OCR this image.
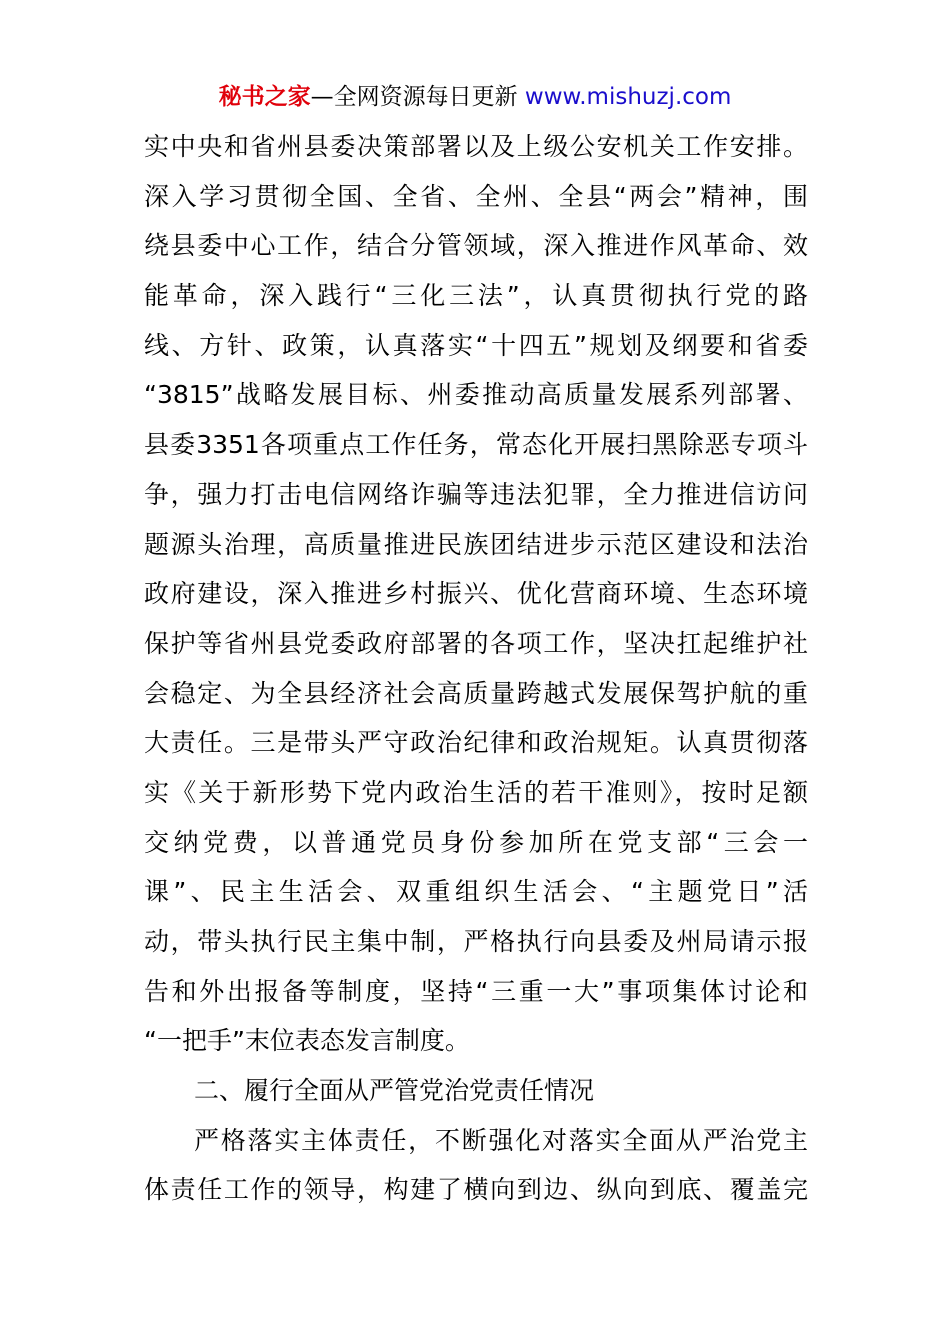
秘书之家—全网资源每日更新 www.mishuzj.com
实中央和省州县委决策部署以及上级公安机关工作安排。
深入学习贯彻全国、全省、全州、全县“两会”精神，围
绕县委中心工作，结合分管领域，深入推进作风革命、效
能革命，深入践行“三化三法”，认真贯彻执行党的路
线、方针、政策，认真落实“十四五”规划及纲要和省委
“3815”战略发展目标、州委推动高质量发展系列部署、
县委3351各项重点工作任务，常态化开展扫黑除恶专项斗
争，强力打击电信网络诈骗等违法犯罪，全力推进信访问
题源头治理，高质量推进民族团结进步示范区建设和法治
政府建设，深入推进乡村振兴、优化营商环境、生态环境
保护等省州县党委政府部署的各项工作，坚决扛起维护社
会稳定、为全县经济社会高质量跨越式发展保驾护航的重
大责任。三是带头严守政治纪律和政治规矩。认真贯彻落
实《关于新形势下党内政治生活的若干准则》，按时足额
交纳党费，以普通党员身份参加所在党支部“三会一
课”、民主生活会、双重组织生活会、“主题党日”活
动，带头执行民主集中制，严格执行向县委及州局请示报
告和外出报备等制度，坚持“三重一大”事项集体讨论和
“一把手”末位表态发言制度。
二、履行全面从严管党治党责任情况
严格落实主体责任，不断强化对落实全面从严治党主
体责任工作的领导，构建了横向到边、纵向到底、覆盖完
